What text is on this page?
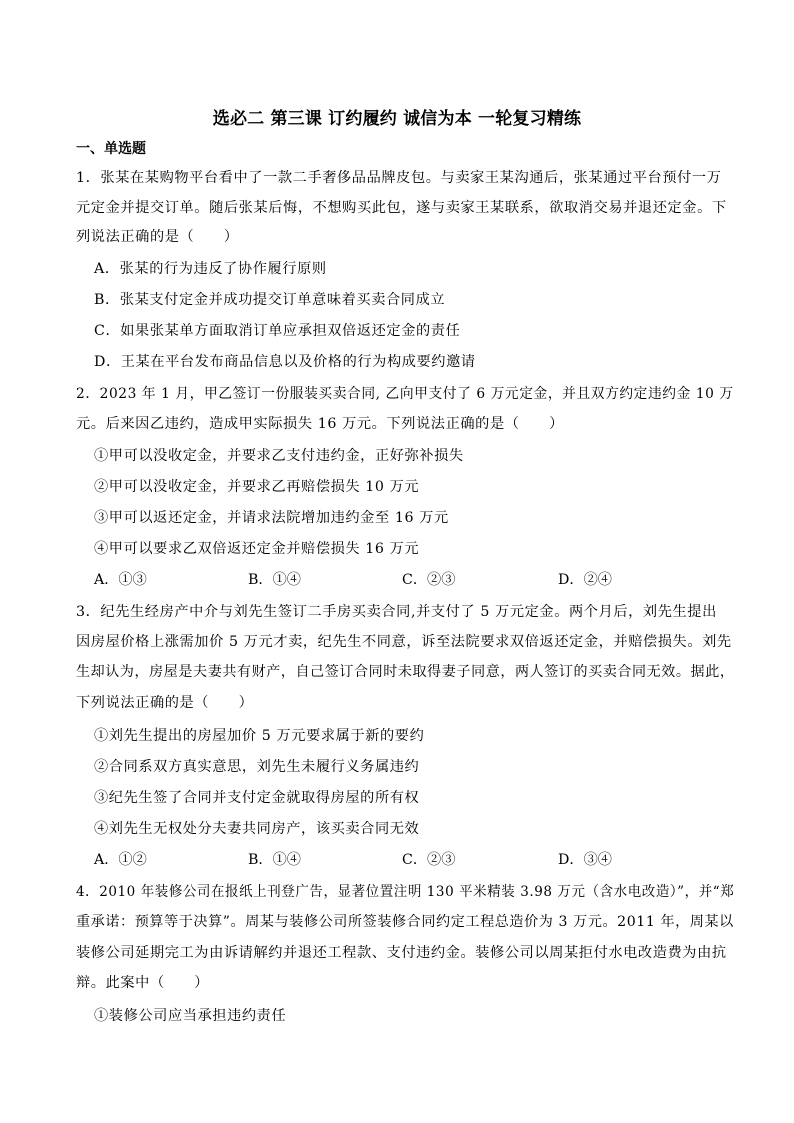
选必二 第三课 订约履约 诚信为本 一轮复习精练
一、单选题
1．张某在某购物平台看中了一款二手奢侈品品牌皮包。与卖家王某沟通后，张某通过平台预付一万
元定金并提交订单。随后张某后悔，不想购买此包，遂与卖家王某联系，欲取消交易并退还定金。下
列说法正确的是（　　）
A．张某的行为违反了协作履行原则
B．张某支付定金并成功提交订单意味着买卖合同成立
C．如果张某单方面取消订单应承担双倍返还定金的责任
D．王某在平台发布商品信息以及价格的行为构成要约邀请
2．2023 年 1 月，甲乙签订一份服装买卖合同, 乙向甲支付了 6 万元定金，并且双方约定违约金 10 万
元。后来因乙违约，造成甲实际损失 16 万元。下列说法正确的是（　　）
①甲可以没收定金，并要求乙支付违约金，正好弥补损失
②甲可以没收定金，并要求乙再赔偿损失 10 万元
③甲可以返还定金，并请求法院增加违约金至 16 万元
④甲可以要求乙双倍返还定金并赔偿损失 16 万元
A．①③	B．①④	C．②③	D．②④
3．纪先生经房产中介与刘先生签订二手房买卖合同,并支付了 5 万元定金。两个月后，刘先生提出
因房屋价格上涨需加价 5 万元才卖，纪先生不同意，诉至法院要求双倍返还定金，并赔偿损失。刘先
生却认为，房屋是夫妻共有财产，自己签订合同时未取得妻子同意，两人签订的买卖合同无效。据此，
下列说法正确的是（　　）
①刘先生提出的房屋加价 5 万元要求属于新的要约
②合同系双方真实意思，刘先生未履行义务属违约
③纪先生签了合同并支付定金就取得房屋的所有权
④刘先生无权处分夫妻共同房产，该买卖合同无效
A．①②	B．①④	C．②③	D．③④
4．2010 年装修公司在报纸上刊登广告，显著位置注明 130 平米精装 3.98 万元（含水电改造）”，并“郑
重承诺：预算等于决算”。周某与装修公司所签装修合同约定工程总造价为 3 万元。2011 年，周某以
装修公司延期完工为由诉请解约并退还工程款、支付违约金。装修公司以周某拒付水电改造费为由抗
辩。此案中（　　）
①装修公司应当承担违约责任
